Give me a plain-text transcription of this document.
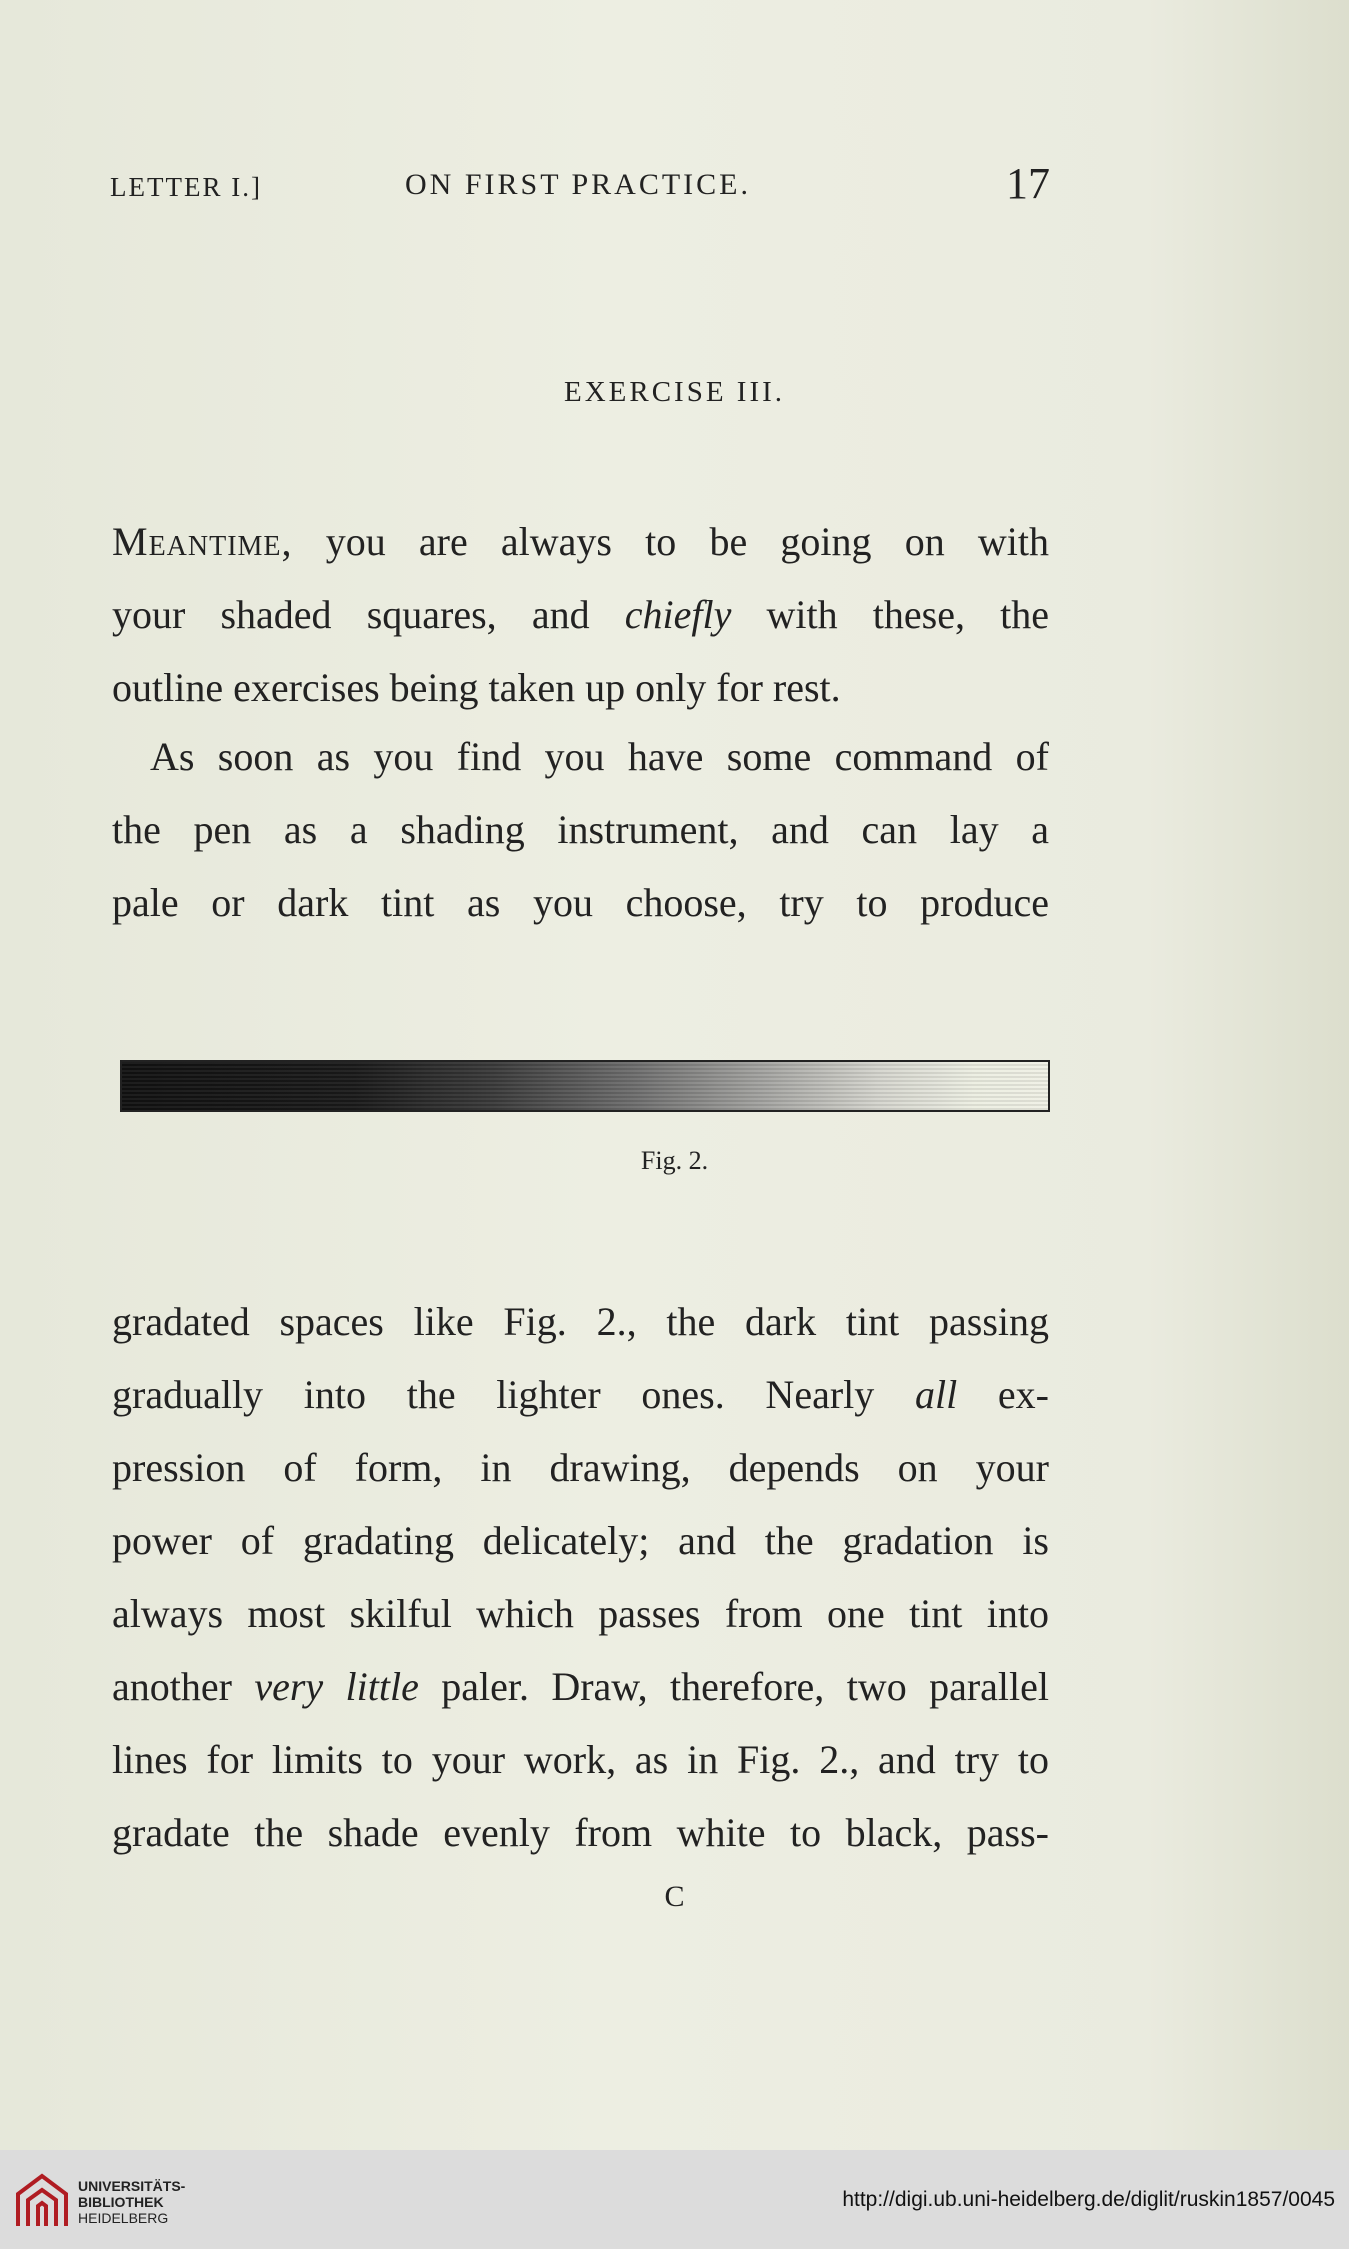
LETTER I.]	ON FIRST PRACTICE.	17
EXERCISE III.
Meantime, you are always to be going on with
your shaded squares, and chiefly with these, the
outline exercises being taken up only for rest.
As soon as you find you have some command of
the pen as a shading instrument, and can lay a
pale or dark tint as you choose, try to produce
Fig. 2.
gradated spaces like Fig. 2., the dark tint passing
gradually into the lighter ones. Nearly all ex-
pression of form, in drawing, depends on your
power of gradating delicately; and the gradation is
always most skilful which passes from one tint into
another very little paler. Draw, therefore, two parallel
lines for limits to your work, as in Fig. 2., and try to
gradate the shade evenly from white to black, pass-
C
UNIVERSITÄTS-
BIBLIOTHEK
HEIDELBERG
http://digi.ub.uni-heidelberg.de/diglit/ruskin1857/0045
